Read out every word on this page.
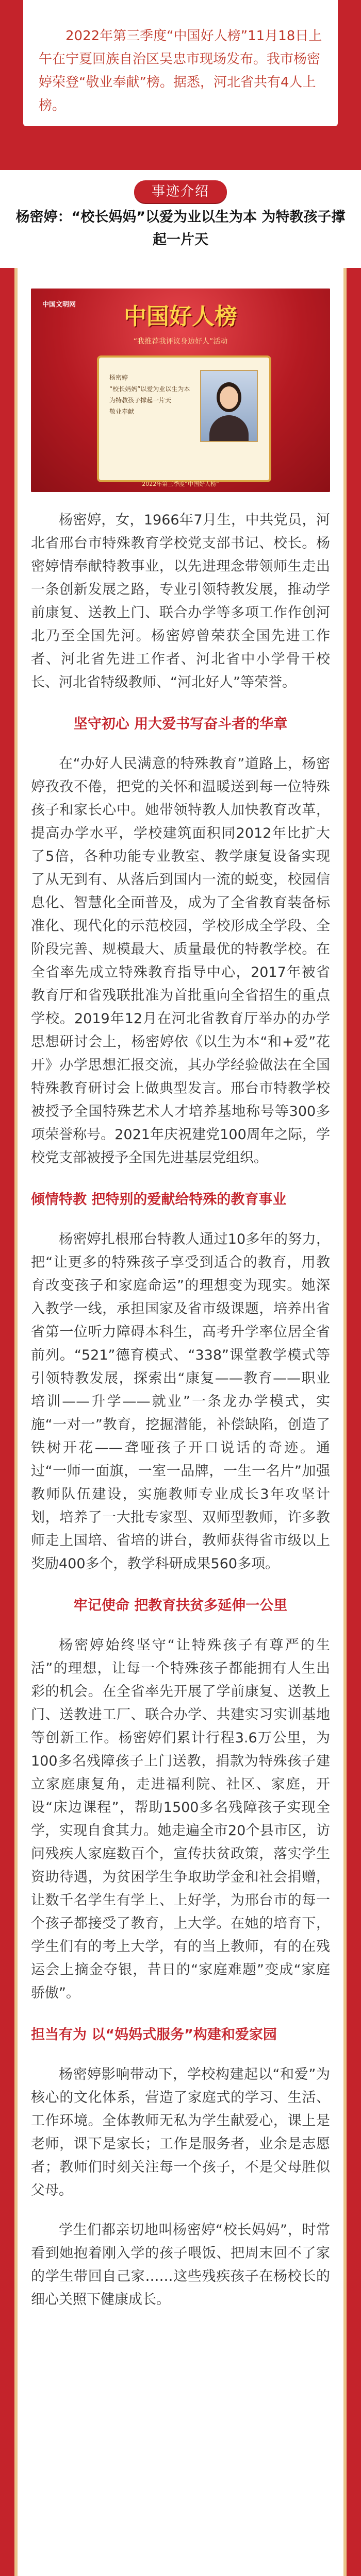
2022年第三季度“中国好人榜”11月18日上午在宁夏回族自治区吴忠市现场发布。我市杨密婷荣登“敬业奉献”榜。据悉，河北省共有4人上榜。

事迹介绍
杨密婷：“校长妈妈”以爱为业以生为本 为特教孩子撑起一片天
中国文明网	中国好人榜
“我推荐我评议身边好人”活动
杨密婷
“校长妈妈”以爱为业以生为本 为特教孩子撑起一片天
敬业奉献
2022年第三季度“中国好人榜”

杨密婷，女，1966年7月生，中共党员，河北省邢台市特殊教育学校党支部书记、校长。杨密婷情奉献特教事业，以先进理念带领师生走出一条创新发展之路，专业引领特教发展，推动学前康复、送教上门、联合办学等多项工作作创河北乃至全国先河。杨密婷曾荣获全国先进工作者、河北省先进工作者、河北省中小学骨干校长、河北省特级教师、“河北好人”等荣誉。

坚守初心 用大爱书写奋斗者的华章

在“办好人民满意的特殊教育”道路上，杨密婷孜孜不倦，把党的关怀和温暖送到每一位特殊孩子和家长心中。她带领特教人加快教育改革，提高办学水平，学校建筑面积同2012年比扩大了5倍，各种功能专业教室、教学康复设备实现了从无到有、从落后到国内一流的蜕变，校园信息化、智慧化全面普及，成为了全省教育装备标准化、现代化的示范校园，学校形成全学段、全阶段完善、规模最大、质量最优的特教学校。在全省率先成立特殊教育指导中心，2017年被省教育厅和省残联批准为首批重向全省招生的重点学校。2019年12月在河北省教育厅举办的办学思想研讨会上，杨密婷依《以生为本“和+爱”花开》办学思想汇报交流，其办学经验做法在全国特殊教育研讨会上做典型发言。邢台市特教学校被授予全国特殊艺术人才培养基地称号等300多项荣誉称号。2021年庆祝建党100周年之际，学校党支部被授予全国先进基层党组织。

倾情特教 把特别的爱献给特殊的教育事业

杨密婷扎根邢台特教人通过10多年的努力，把“让更多的特殊孩子享受到适合的教育，用教育改变孩子和家庭命运”的理想变为现实。她深入教学一线，承担国家及省市级课题，培养出省省第一位听力障碍本科生，高考升学率位居全省前列。“521”德育模式、“338”课堂教学模式等引领特教发展，探索出“康复——教育——职业培训——升学——就业”一条龙办学模式，实施“一对一”教育，挖掘潜能，补偿缺陷，创造了铁树开花——聋哑孩子开口说话的奇迹。通过“一师一面旗，一室一品牌，一生一名片”加强教师队伍建设，实施教师专业成长3年攻坚计划，培养了一大批专家型、双师型教师，许多教师走上国培、省培的讲台，教师获得省市级以上奖励400多个，教学科研成果560多项。

牢记使命 把教育扶贫多延伸一公里

杨密婷始终坚守“让特殊孩子有尊严的生活”的理想，让每一个特殊孩子都能拥有人生出彩的机会。在全省率先开展了学前康复、送教上门、送教进工厂、联合办学、共建实习实训基地等创新工作。杨密婷们累计行程3.6万公里，为100多名残障孩子上门送教，捐款为特殊孩子建立家庭康复角，走进福利院、社区、家庭，开设“床边课程”，帮助1500多名残障孩子实现全学，实现自食其力。她走遍全市20个县市区，访问残疾人家庭数百个，宣传扶贫政策，落实学生资助待遇，为贫困学生争取助学金和社会捐赠，让数千名学生有学上、上好学，为邢台市的每一个孩子都接受了教育，上大学。在她的培育下，学生们有的考上大学，有的当上教师，有的在残运会上摘金夺银，昔日的“家庭难题”变成“家庭骄傲”。

担当有为 以“妈妈式服务”构建和爱家园

杨密婷影响带动下，学校构建起以“和爱”为核心的文化体系，营造了家庭式的学习、生活、工作环境。全体教师无私为学生献爱心，课上是老师，课下是家长；工作是服务者，业余是志愿者；教师们时刻关注每一个孩子，不是父母胜似父母。

学生们都亲切地叫杨密婷“校长妈妈”，时常看到她抱着刚入学的孩子喂饭、把周末回不了家的学生带回自己家……这些残疾孩子在杨校长的细心关照下健康成长。
